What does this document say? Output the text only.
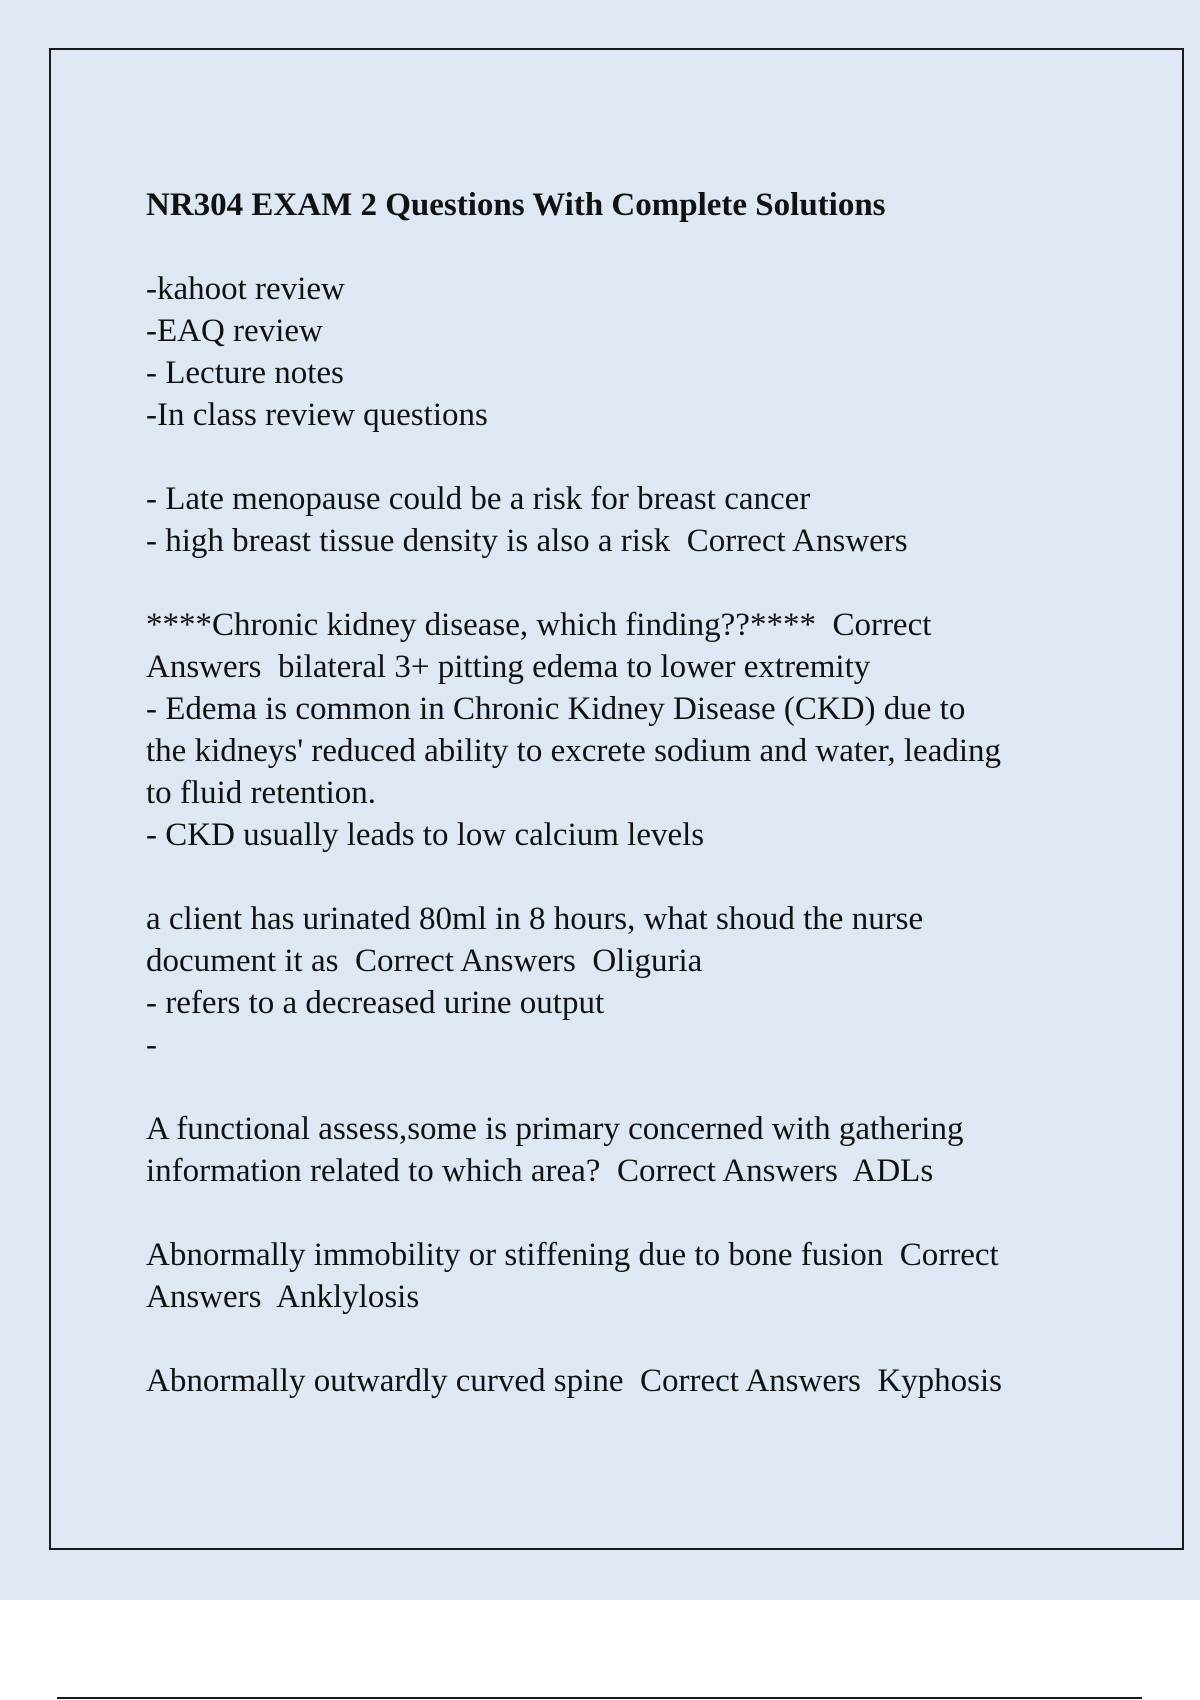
NR304 EXAM 2 Questions With Complete Solutions
-kahoot review
-EAQ review
- Lecture notes
-In class review questions
- Late menopause could be a risk for breast cancer
- high breast tissue density is also a risk  Correct Answers
****Chronic kidney disease, which finding??****  Correct
Answers  bilateral 3+ pitting edema to lower extremity
- Edema is common in Chronic Kidney Disease (CKD) due to
the kidneys' reduced ability to excrete sodium and water, leading
to fluid retention.
- CKD usually leads to low calcium levels
a client has urinated 80ml in 8 hours, what shoud the nurse
document it as  Correct Answers  Oliguria
- refers to a decreased urine output
-
A functional assess,some is primary concerned with gathering
information related to which area?  Correct Answers  ADLs
Abnormally immobility or stiffening due to bone fusion  Correct
Answers  Anklylosis
Abnormally outwardly curved spine  Correct Answers  Kyphosis
